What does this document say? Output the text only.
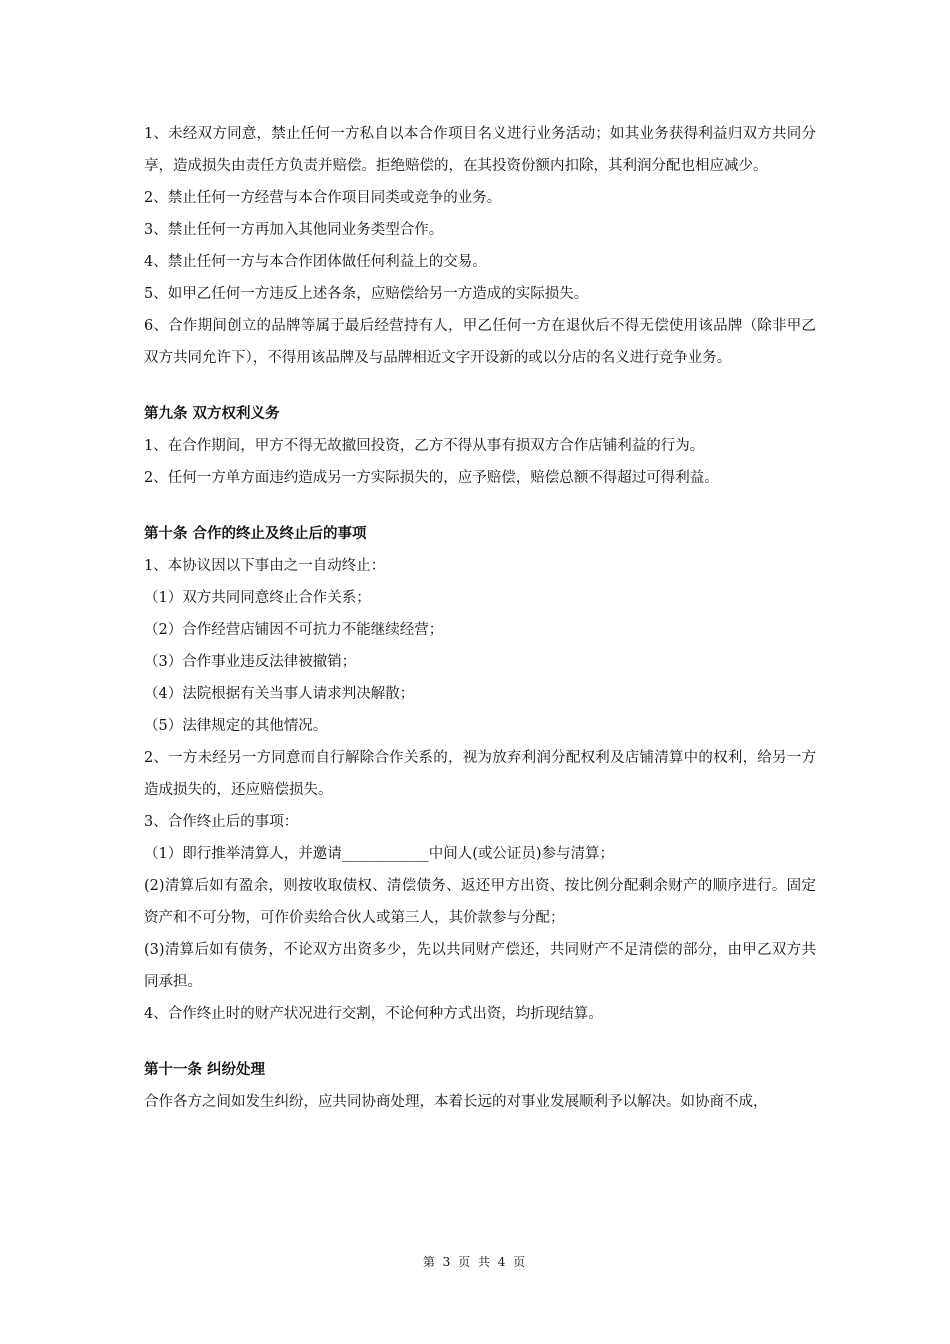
1、未经双方同意，禁止任何一方私自以本合作项目名义进行业务活动；如其业务获得利益归双方共同分享，造成损失由责任方负责并赔偿。拒绝赔偿的，在其投资份额内扣除，其利润分配也相应减少。

2、禁止任何一方经营与本合作项目同类或竞争的业务。

3、禁止任何一方再加入其他同业务类型合作。

4、禁止任何一方与本合作团体做任何利益上的交易。

5、如甲乙任何一方违反上述各条，应赔偿给另一方造成的实际损失。

6、合作期间创立的品牌等属于最后经营持有人，甲乙任何一方在退伙后不得无偿使用该品牌（除非甲乙双方共同允许下），不得用该品牌及与品牌相近文字开设新的或以分店的名义进行竞争业务。

第九条 双方权利义务

1、在合作期间，甲方不得无故撤回投资，乙方不得从事有损双方合作店铺利益的行为。

2、任何一方单方面违约造成另一方实际损失的，应予赔偿，赔偿总额不得超过可得利益。

第十条 合作的终止及终止后的事项

1、本协议因以下事由之一自动终止：

（1）双方共同同意终止合作关系；

（2）合作经营店铺因不可抗力不能继续经营；

（3）合作事业违反法律被撤销；

（4）法院根据有关当事人请求判决解散；

（5）法律规定的其他情况。

2、一方未经另一方同意而自行解除合作关系的，视为放弃利润分配权利及店铺清算中的权利，给另一方造成损失的，还应赔偿损失。

3、合作终止后的事项：

（1）即行推举清算人，并邀请____________中间人(或公证员)参与清算；

(2)清算后如有盈余，则按收取债权、清偿债务、返还甲方出资、按比例分配剩余财产的顺序进行。固定资产和不可分物，可作价卖给合伙人或第三人，其价款参与分配；

(3)清算后如有债务，不论双方出资多少，先以共同财产偿还，共同财产不足清偿的部分，由甲乙双方共同承担。

4、合作终止时的财产状况进行交割，不论何种方式出资，均折现结算。

第十一条 纠纷处理

合作各方之间如发生纠纷，应共同协商处理，本着长远的对事业发展顺利予以解决。如协商不成，

第 3 页 共 4 页
